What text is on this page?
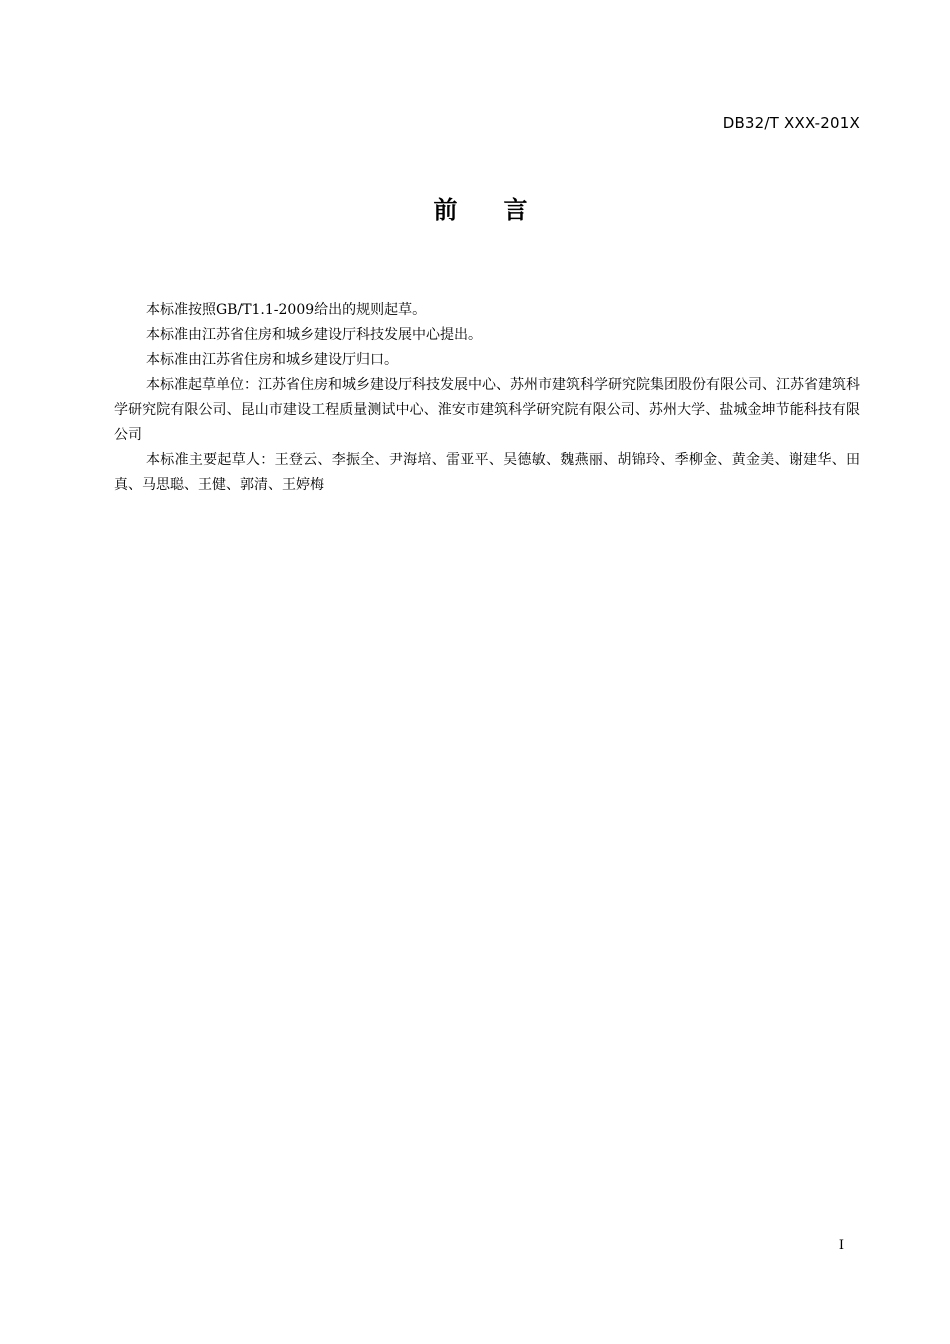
DB32/T XXX-201X
前言

本标准按照GB/T1.1-2009给出的规则起草。

本标准由江苏省住房和城乡建设厅科技发展中心提出。

本标准由江苏省住房和城乡建设厅归口。

本标准起草单位：江苏省住房和城乡建设厅科技发展中心、苏州市建筑科学研究院集团股份有限公司、江苏省建筑科学研究院有限公司、昆山市建设工程质量测试中心、淮安市建筑科学研究院有限公司、苏州大学、盐城金坤节能科技有限公司

本标准主要起草人：王登云、李振全、尹海培、雷亚平、吴德敏、魏燕丽、胡锦玲、季柳金、黄金美、谢建华、田真、马思聪、王健、郭清、王婷梅

I
